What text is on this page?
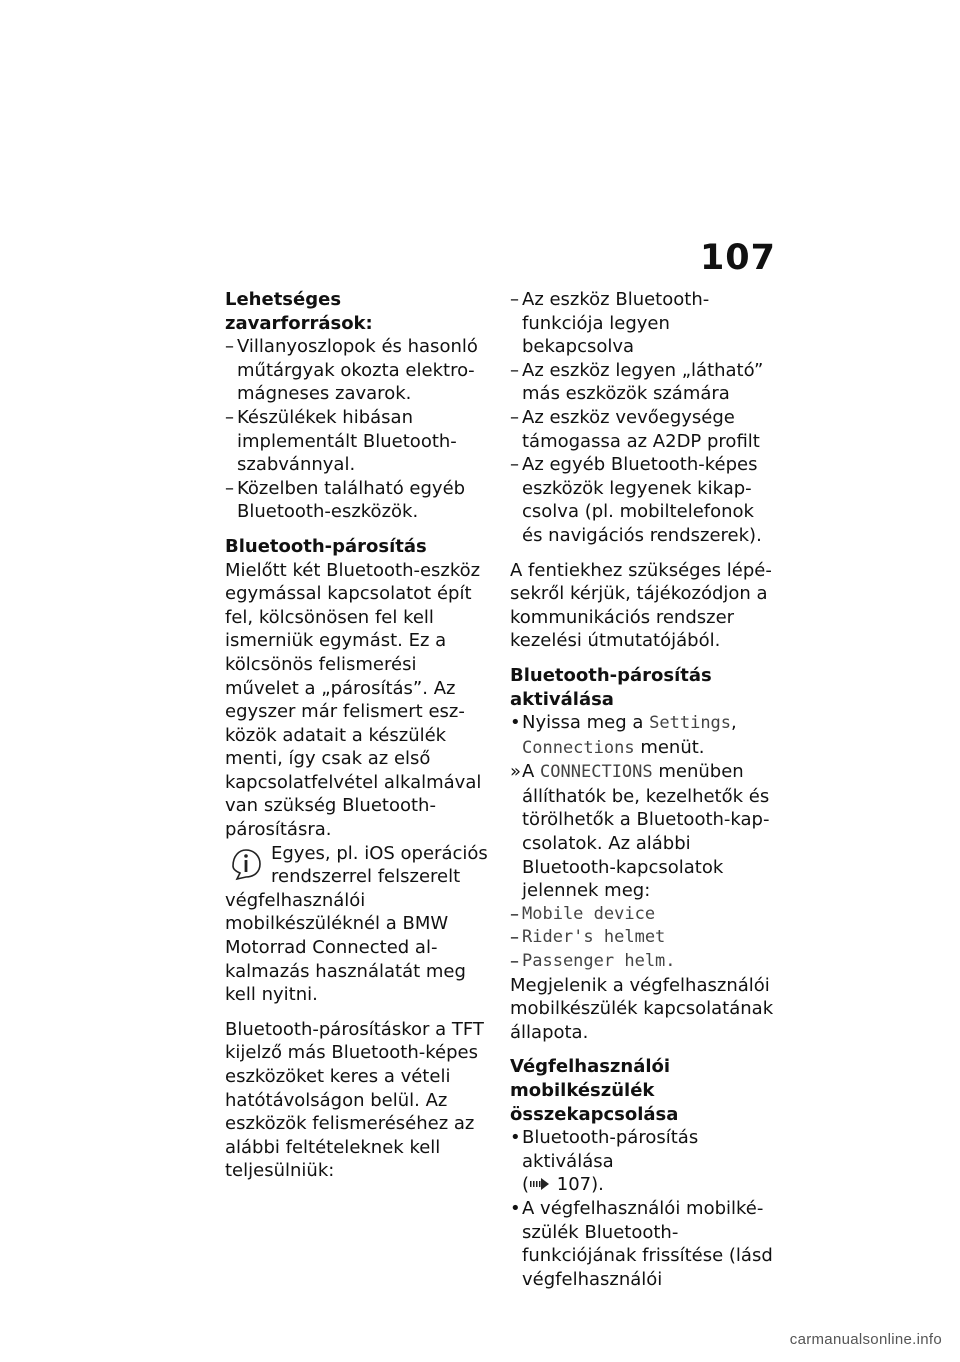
107

Lehetséges zavarforrások:

– Villanyoszlopok és hasonló műtárgyak okozta elektromágneses zavarok.
– Készülékek hibásan implementált Bluetooth-szabvánnyal.
– Közelben található egyéb Bluetooth-eszközök.

Bluetooth-párosítás

Mielőtt két Bluetooth-eszköz egymással kapcsolatot épít fel, kölcsönösen fel kell ismerniük egymást. Ez a kölcsönös felismerési művelet a „párosítás”. Az egyszer már felismert eszközök adatait a készülék menti, így csak az első kapcsolatfelvétel alkalmával van szükség Bluetooth-párosításra.

Egyes, pl. iOS operációs rendszerrel felszerelt végfelhasználói mobilkészüléknél a BMW Motorrad Connected alkalmazás használatát meg kell nyitni.

Bluetooth-párosításkor a TFT kijelző más Bluetooth-képes eszközöket keres a vételi hatótávolságon belül. Az eszközök felismeréséhez az alábbi feltételeknek kell teljesülniük:

– Az eszköz Bluetooth-funkciója legyen bekapcsolva
– Az eszköz legyen „látható” más eszközök számára
– Az eszköz vevőegysége támogassa az A2DP profilt
– Az egyéb Bluetooth-képes eszközök legyenek kikapcsolva (pl. mobiltelefonok és navigációs rendszerek).

A fentiekhez szükséges lépésekről kérjük, tájékozódjon a kommunikációs rendszer kezelési útmutatójából.

Bluetooth-párosítás aktiválása

• Nyissa meg a Settings, Connections menüt.
» A CONNECTIONS menüben állíthatók be, kezelhetők és törölhetők a Bluetooth-kapcsolatok. Az alábbi Bluetooth-kapcsolatok jelennek meg:
– Mobile device
– Rider's helmet
– Passenger helm.

Megjelenik a végfelhasználói mobilkészülék kapcsolatának állapota.

Végfelhasználói mobilkészülék összekapcsolása

• Bluetooth-párosítás aktiválása
( 107).
• A végfelhasználói mobilkészülék Bluetooth-funkciójának frissítése (lásd végfelhasználói
carmanualsonline.info
